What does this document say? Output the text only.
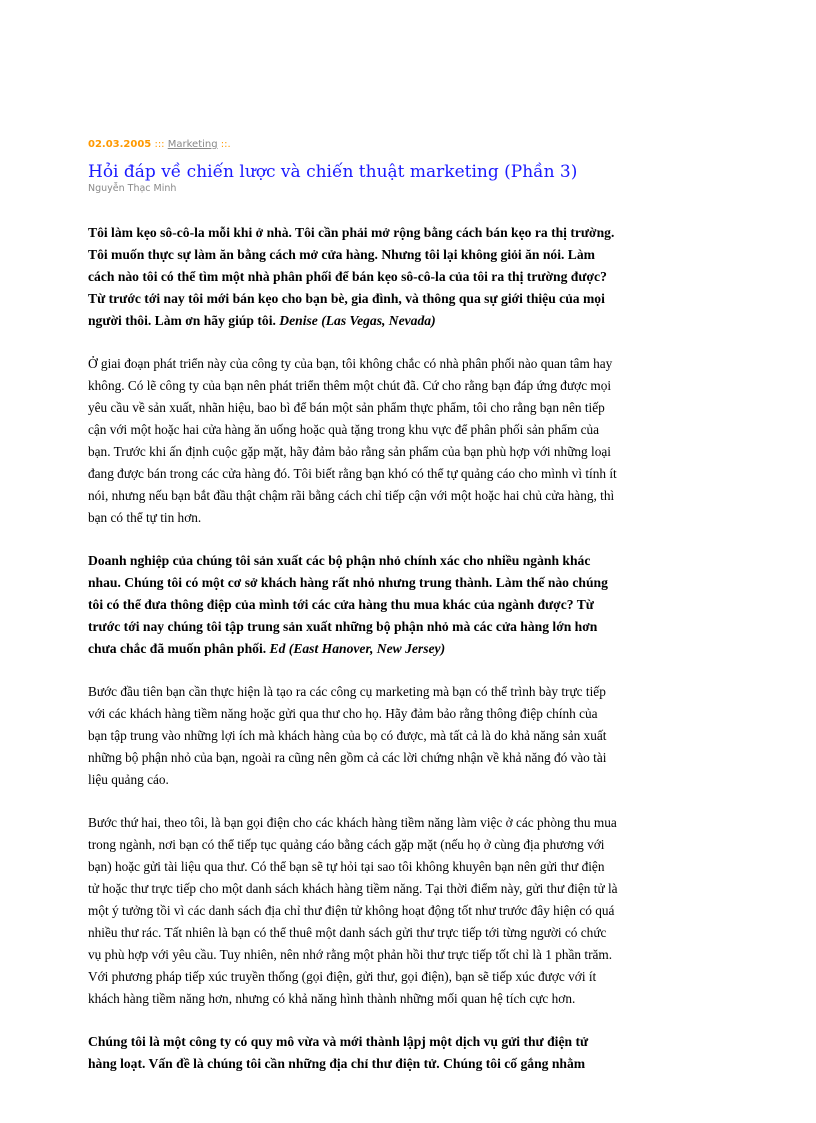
02.03.2005 ::: Marketing ::.
Hỏi đáp về chiến lược và chiến thuật marketing (Phần 3)
Nguyễn Thạc Minh

Tôi làm kẹo sô-cô-la mỗi khi ở nhà. Tôi cần phải mở rộng bằng cách bán kẹo ra thị trường. Tôi muốn thực sự làm ăn bằng cách mở cửa hàng. Nhưng tôi lại không giỏi ăn nói. Làm cách nào tôi có thể tìm một nhà phân phối để bán kẹo sô-cô-la của tôi ra thị trường được? Từ trước tới nay tôi mới bán kẹo cho bạn bè, gia đình, và thông qua sự giới thiệu của mọi người thôi. Làm ơn hãy giúp tôi. Denise (Las Vegas, Nevada)

Ở giai đoạn phát triển này của công ty của bạn, tôi không chắc có nhà phân phối nào quan tâm hay không. Có lẽ công ty của bạn nên phát triển thêm một chút đã. Cứ cho rằng bạn đáp ứng được mọi yêu cầu về sản xuất, nhãn hiệu, bao bì để bán một sản phẩm thực phẩm, tôi cho rằng bạn nên tiếp cận với một hoặc hai cửa hàng ăn uống hoặc quà tặng trong khu vực để phân phối sản phẩm của bạn. Trước khi ấn định cuộc gặp mặt, hãy đảm bảo rằng sản phẩm của bạn phù hợp với những loại đang được bán trong các cửa hàng đó. Tôi biết rằng bạn khó có thể tự quảng cáo cho mình vì tính ít nói, nhưng nếu bạn bắt đầu thật chậm rãi bằng cách chỉ tiếp cận với một hoặc hai chủ cửa hàng, thì bạn có thể tự tin hơn.

Doanh nghiệp của chúng tôi sản xuất các bộ phận nhỏ chính xác cho nhiều ngành khác nhau. Chúng tôi có một cơ sở khách hàng rất nhỏ nhưng trung thành. Làm thế nào chúng tôi có thể đưa thông điệp của mình tới các cửa hàng thu mua khác của ngành được? Từ trước tới nay chúng tôi tập trung sản xuất những bộ phận nhỏ mà các cửa hàng lớn hơn chưa chắc đã muốn phân phối. Ed (East Hanover, New Jersey)

Bước đầu tiên bạn cần thực hiện là tạo ra các công cụ marketing mà bạn có thể trình bày trực tiếp với các khách hàng tiềm năng hoặc gửi qua thư cho họ. Hãy đảm bảo rằng thông điệp chính của bạn tập trung vào những lợi ích mà khách hàng của bọ có được, mà tất cả là do khả năng sản xuất những bộ phận nhỏ của bạn, ngoài ra cũng nên gồm cả các lời chứng nhận về khả năng đó vào tài liệu quảng cáo.

Bước thứ hai, theo tôi, là bạn gọi điện cho các khách hàng tiềm năng làm việc ở các phòng thu mua trong ngành, nơi bạn có thể tiếp tục quảng cáo bằng cách gặp mặt (nếu họ ở cùng địa phương với bạn) hoặc gửi tài liệu qua thư. Có thể bạn sẽ tự hỏi tại sao tôi không khuyên bạn nên gửi thư điện tử hoặc thư trực tiếp cho một danh sách khách hàng tiềm năng. Tại thời điểm này, gửi thư điện tử là một ý tưởng tồi vì các danh sách địa chỉ thư điện tử không hoạt động tốt như trước đây hiện có quá nhiều thư rác. Tất nhiên là bạn có thể thuê một danh sách gửi thư trực tiếp tới từng người có chức vụ phù hợp với yêu cầu. Tuy nhiên, nên nhớ rằng một phản hồi thư trực tiếp tốt chỉ là 1 phần trăm. Với phương pháp tiếp xúc truyền thống (gọi điện, gửi thư, gọi điện), bạn sẽ tiếp xúc được với ít khách hàng tiềm năng hơn, nhưng có khả năng hình thành những mối quan hệ tích cực hơn.

Chúng tôi là một công ty có quy mô vừa và mới thành lậpj một dịch vụ gửi thư điện tử hàng loạt. Vấn đề là chúng tôi cần những địa chỉ thư điện tử. Chúng tôi cố gắng nhằm
